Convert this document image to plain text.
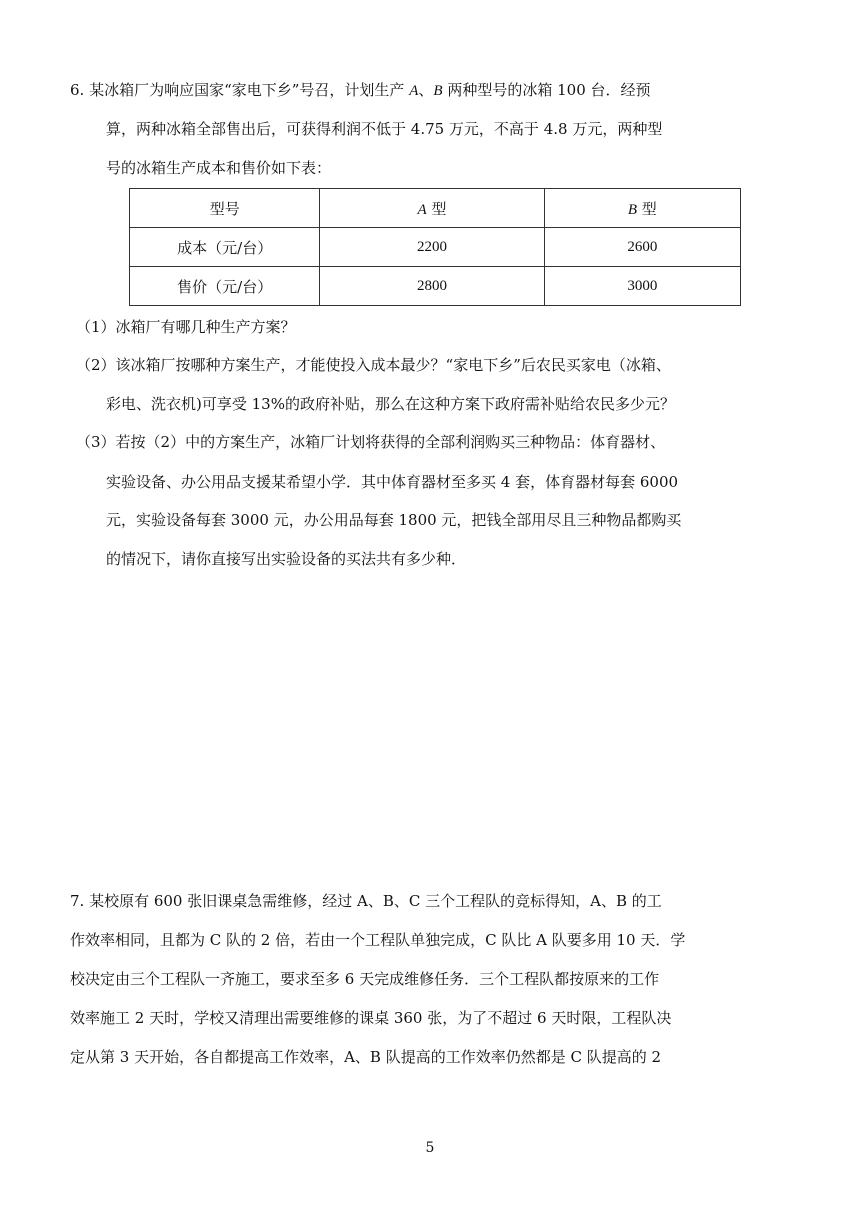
6. 某冰箱厂为响应国家“家电下乡”号召，计划生产 A、B 两种型号的冰箱 100 台．经预
算，两种冰箱全部售出后，可获得利润不低于 4.75 万元，不高于 4.8 万元，两种型
号的冰箱生产成本和售价如下表：
型号	A 型	B 型
成本（元/台）	2200	2600
售价（元/台）	2800	3000
（1）冰箱厂有哪几种生产方案？
（2）该冰箱厂按哪种方案生产，才能使投入成本最少？“家电下乡”后农民买家电（冰箱、
彩电、洗衣机)可享受 13%的政府补贴，那么在这种方案下政府需补贴给农民多少元？
（3）若按（2）中的方案生产，冰箱厂计划将获得的全部利润购买三种物品：体育器材、
实验设备、办公用品支援某希望小学．其中体育器材至多买 4 套，体育器材每套 6000
元，实验设备每套 3000 元，办公用品每套 1800 元，把钱全部用尽且三种物品都购买
的情况下，请你直接写出实验设备的买法共有多少种．
7. 某校原有 600 张旧课桌急需维修，经过 A、B、C 三个工程队的竞标得知，A、B 的工
作效率相同，且都为 C 队的 2 倍，若由一个工程队单独完成，C 队比 A 队要多用 10 天．学
校决定由三个工程队一齐施工，要求至多 6 天完成维修任务．三个工程队都按原来的工作
效率施工 2 天时，学校又清理出需要维修的课桌 360 张，为了不超过 6 天时限，工程队决
定从第 3 天开始，各自都提高工作效率，A、B 队提高的工作效率仍然都是 C 队提高的 2
5
